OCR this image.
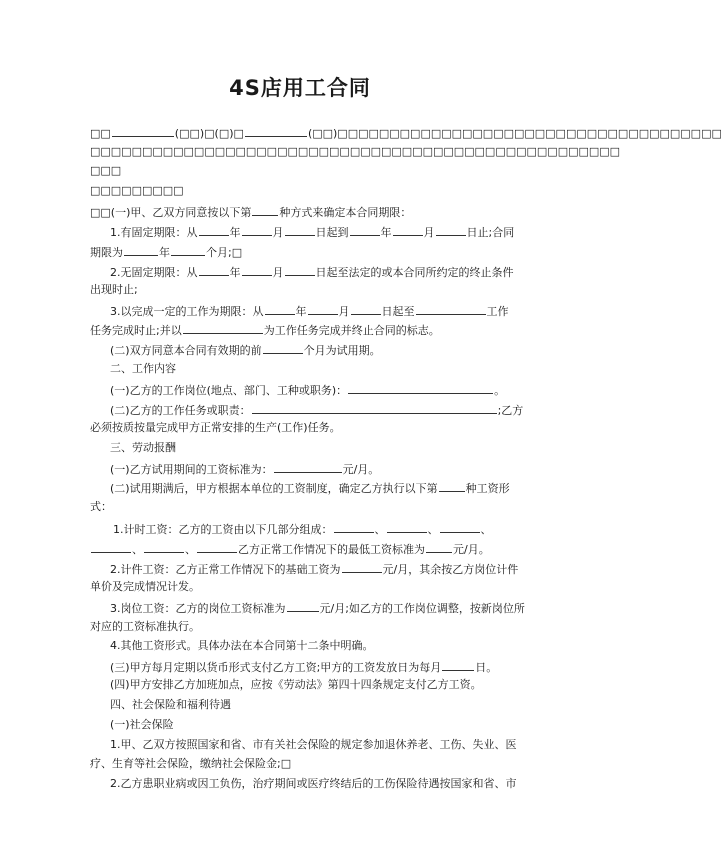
4S店用工合同
□□	(□□)□(□)□	(□□)□□□□□□□□□□□□□□□□□□□□□□□□□□□□□□□□□□□□□
□□□□□□□□□□□□□□□□□□□□□□□□□□□□□□□□□□□□□□□□□□□□□□□□□□□
□□□
□□□□□□□□□
□□(一)甲、乙双方同意按以下第	种方式来确定本合同期限：
1.有固定期限：从	年	月	日起到	年	月	日止;合同
期限为	年	个月;□
2.无固定期限：从	年	月	日起至法定的或本合同所约定的终止条件
出现时止;
3.以完成一定的工作为期限：从	年	月	日起至	工作
任务完成时止;并以	为工作任务完成并终止合同的标志。
(二)双方同意本合同有效期的前	个月为试用期。
二、工作内容
(一)乙方的工作岗位(地点、部门、工种或职务)：	。
(二)乙方的工作任务或职责：	;乙方
必须按质按量完成甲方正常安排的生产(工作)任务。
三、劳动报酬
(一)乙方试用期间的工资标准为：	元/月。
(二)试用期满后，甲方根据本单位的工资制度，确定乙方执行以下第	种工资形
式：
1.计时工资：乙方的工资由以下几部分组成：	、	、	、
、	、	乙方正常工作情况下的最低工资标准为	元/月。
2.计件工资：乙方正常工作情况下的基础工资为	元/月，其余按乙方岗位计件
单价及完成情况计发。
3.岗位工资：乙方的岗位工资标准为	元/月;如乙方的工作岗位调整，按新岗位所
对应的工资标准执行。
4.其他工资形式。具体办法在本合同第十二条中明确。
(三)甲方每月定期以货币形式支付乙方工资;甲方的工资发放日为每月	日。
(四)甲方安排乙方加班加点，应按《劳动法》第四十四条规定支付乙方工资。
四、社会保险和福利待遇
(一)社会保险
1.甲、乙双方按照国家和省、市有关社会保险的规定参加退休养老、工伤、失业、医
疗、生育等社会保险，缴纳社会保险金;□
2.乙方患职业病或因工负伤，治疗期间或医疗终结后的工伤保险待遇按国家和省、市
